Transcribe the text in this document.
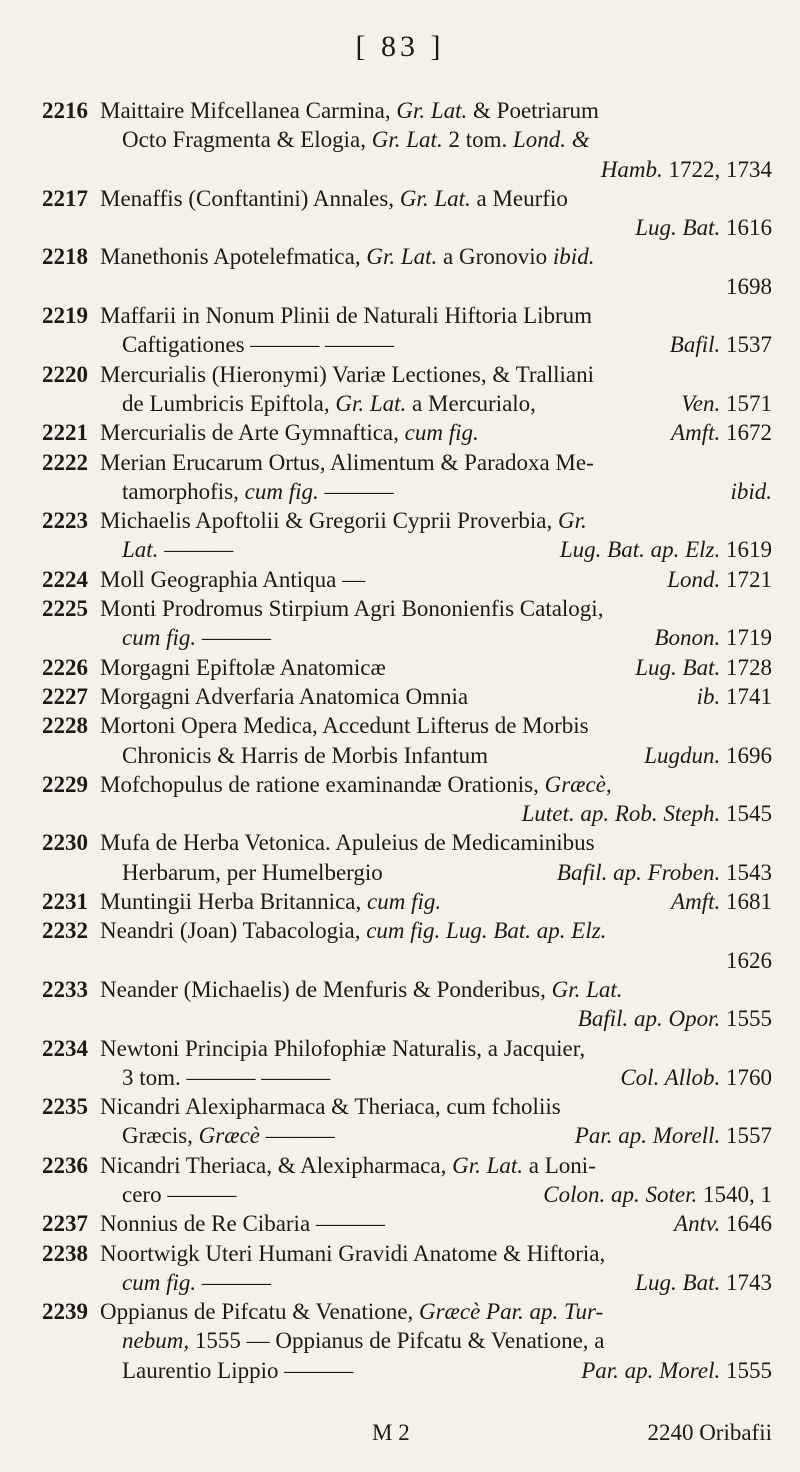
[ 83 ]
2216 Maittaire Mifcellanea Carmina, Gr. Lat. & Poetriarum
Octo Fragmenta & Elogia, Gr. Lat. 2 tom. Lond. &
Hamb. 1722, 1734
2217 Menaffis (Conftantini) Annales, Gr. Lat. a Meurfio
Lug. Bat. 1616
2218 Manethonis Apotelefmatica, Gr. Lat. a Gronovio ibid.
1698
2219 Maffarii in Nonum Plinii de Naturali Hiftoria Librum
Caftigationes ——— ———	Bafil. 1537
2220 Mercurialis (Hieronymi) Variæ Lectiones, & Tralliani
de Lumbricis Epiftola, Gr. Lat. a Mercurialo,	Ven. 1571
2221 Mercurialis de Arte Gymnaftica, cum fig.	Amft. 1672
2222 Merian Erucarum Ortus, Alimentum & Paradoxa Me-
tamorphofis, cum fig. ———	ibid.
2223 Michaelis Apoftolii & Gregorii Cyprii Proverbia, Gr.
Lat. ———	Lug. Bat. ap. Elz. 1619
2224 Moll Geographia Antiqua —	Lond. 1721
2225 Monti Prodromus Stirpium Agri Bononienfis Catalogi,
cum fig. ———	Bonon. 1719
2226 Morgagni Epiftolæ Anatomicæ	Lug. Bat. 1728
2227 Morgagni Adverfaria Anatomica Omnia	ib. 1741
2228 Mortoni Opera Medica, Accedunt Lifterus de Morbis
Chronicis & Harris de Morbis Infantum	Lugdun. 1696
2229 Mofchopulus de ratione examinandæ Orationis, Græcè,
Lutet. ap. Rob. Steph. 1545
2230 Mufa de Herba Vetonica. Apuleius de Medicaminibus
Herbarum, per Humelbergio	Bafil. ap. Froben. 1543
2231 Muntingii Herba Britannica, cum fig.	Amft. 1681
2232 Neandri (Joan) Tabacologia, cum fig. Lug. Bat. ap. Elz.
1626
2233 Neander (Michaelis) de Menfuris & Ponderibus, Gr. Lat.
Bafil. ap. Opor. 1555
2234 Newtoni Principia Philofophiæ Naturalis, a Jacquier,
3 tom. ——— ———	Col. Allob. 1760
2235 Nicandri Alexipharmaca & Theriaca, cum fcholiis
Græcis, Græcè ———	Par. ap. Morell. 1557
2236 Nicandri Theriaca, & Alexipharmaca, Gr. Lat. a Loni-
cero ———	Colon. ap. Soter. 1540, 1
2237 Nonnius de Re Cibaria ———	Antv. 1646
2238 Noortwigk Uteri Humani Gravidi Anatome & Hiftoria,
cum fig. ———	Lug. Bat. 1743
2239 Oppianus de Pifcatu & Venatione, Græcè Par. ap. Tur-
nebum, 1555 — Oppianus de Pifcatu & Venatione, a
Laurentio Lippio ———	Par. ap. Morel. 1555
M 2	2240 Oribafii
